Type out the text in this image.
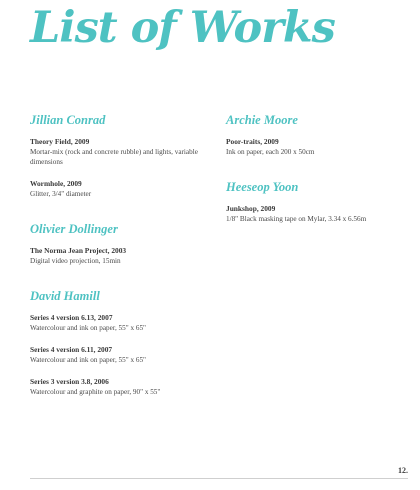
List of Works
Jillian Conrad
Theory Field, 2009
Mortar-mix (rock and concrete rubble) and lights, variable dimensions
Wormhole, 2009
Glitter, 3/4" diameter
Olivier Dollinger
The Norma Jean Project, 2003
Digital video projection, 15min
David Hamill
Series 4 version 6.13, 2007
Watercolour and ink on paper, 55" x 65"
Series 4 version 6.11, 2007
Watercolour and ink on paper, 55" x 65"
Series 3 version 3.8, 2006
Watercolour and graphite on paper, 90" x 55"
Archie Moore
Poor-traits, 2009
Ink on paper, each 200 x 50cm
Heeseop Yoon
Junkshop, 2009
1/8" Black masking tape on Mylar, 3.34 x 6.56m
12.
